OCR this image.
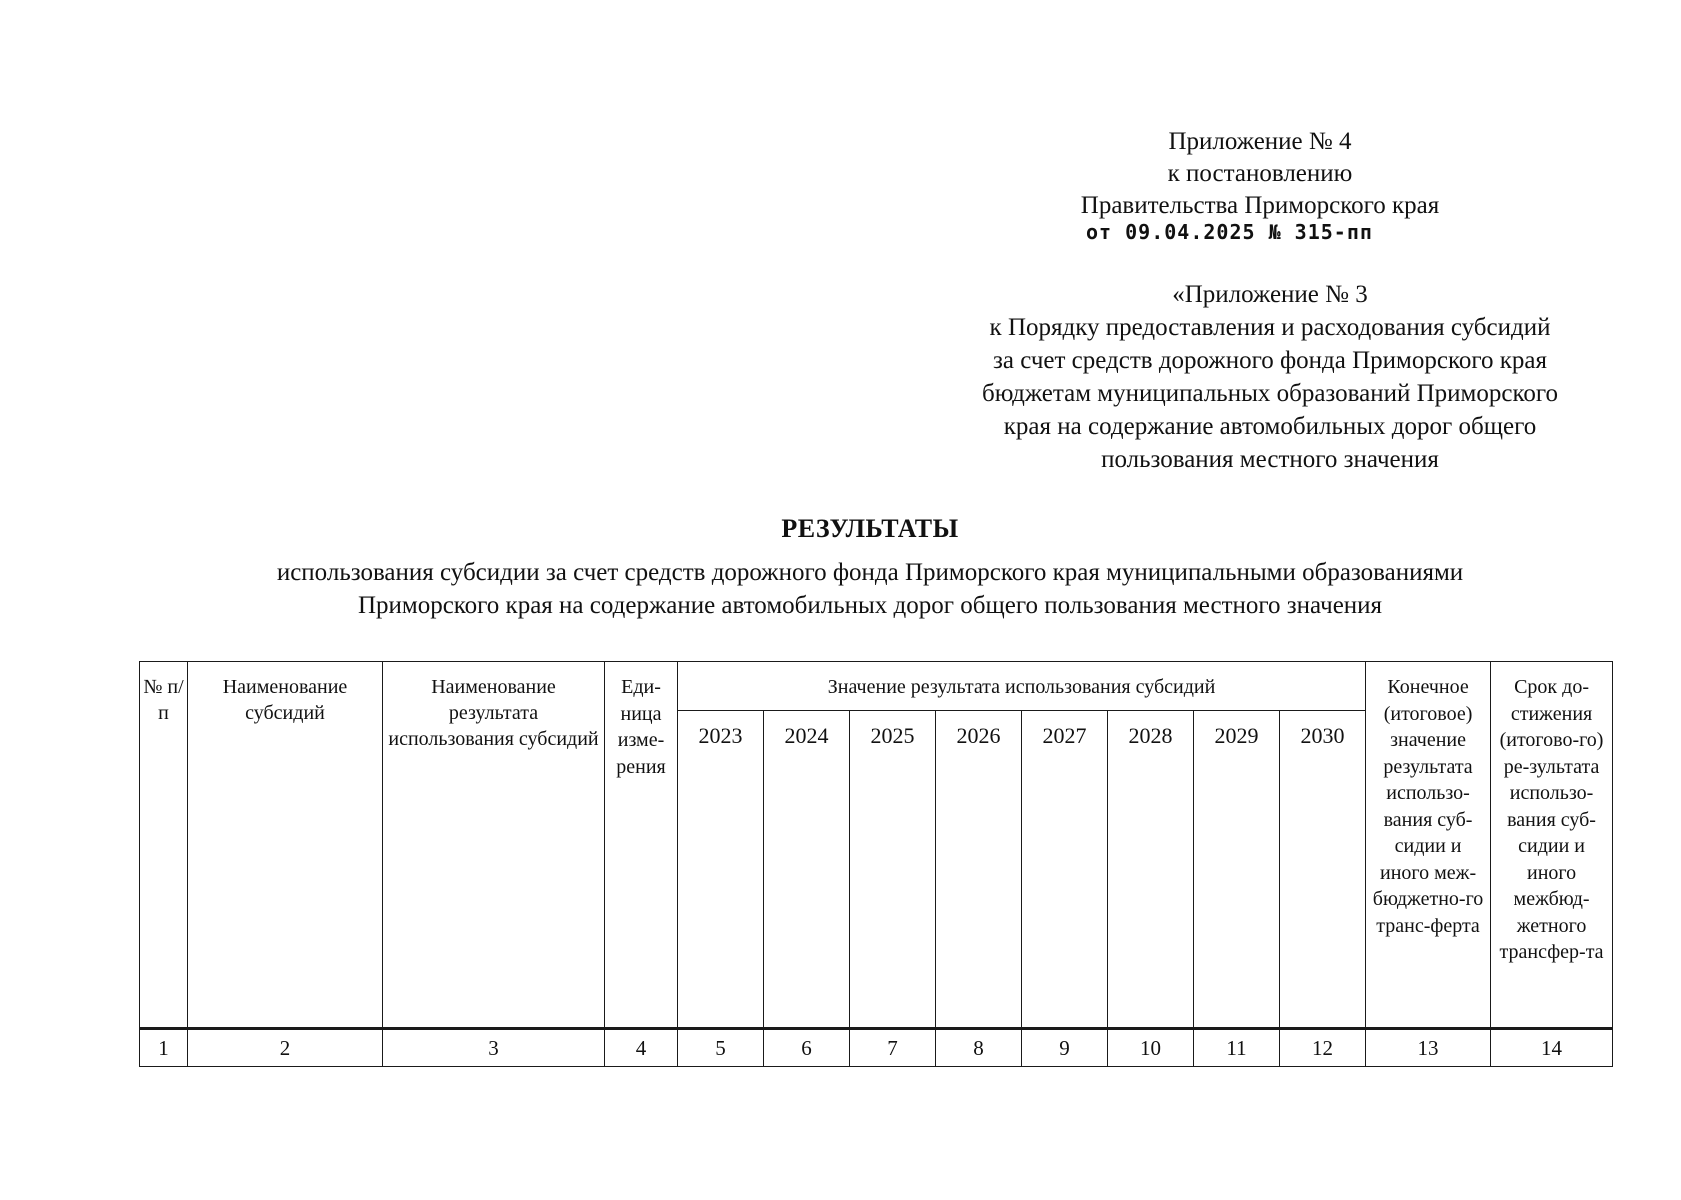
Приложение № 4
к постановлению
Правительства Приморского края
от 09.04.2025 № 315-пп
«Приложение № 3
к Порядку предоставления и расходования субсидий
за счет средств дорожного фонда Приморского края
бюджетам муниципальных образований Приморского
края на содержание автомобильных дорог общего
пользования местного значения
РЕЗУЛЬТАТЫ
использования субсидии за счет средств дорожного фонда Приморского края муниципальными образованиями
Приморского края на содержание автомобильных дорог общего пользования местного значения
№ п/п	Наименование субсидий	Наименование результата использования субсидий	Еди-ница изме-рения	Значение результата использования субсидий								Конечное (итоговое) значение результата использо-вания суб-сидии и иного меж-бюджетно-го транс-ферта	Срок до-стижения (итогово-го) ре-зультата использо-вания суб-сидии и иного межбюд-жетного трансфер-та
				2023	2024	2025	2026	2027	2028	2029	2030		
1	2	3	4	5	6	7	8	9	10	11	12	13	14
